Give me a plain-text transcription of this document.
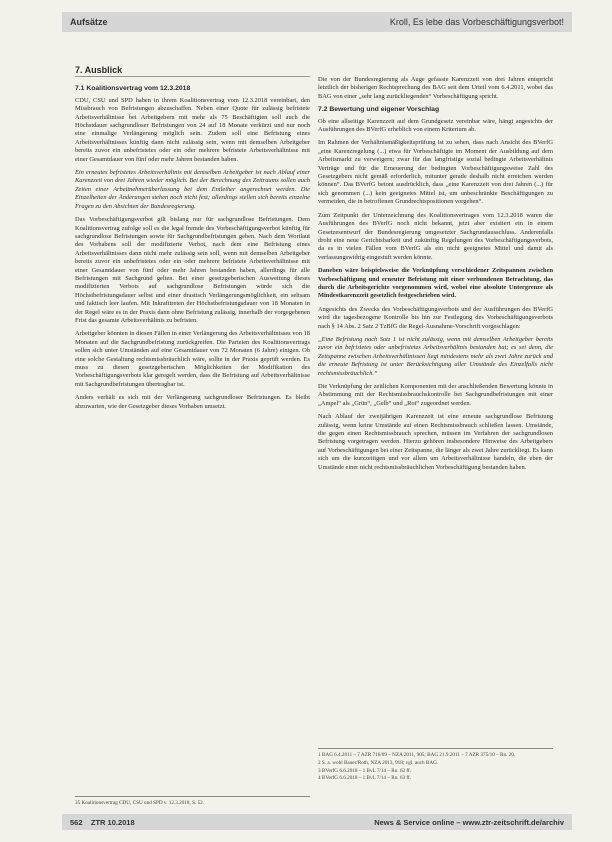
Aufsätze	Kroll, Es lebe das Vorbeschäftigungsverbot!
7. Ausblick
7.1 Koalitionsvertrag vom 12.3.2018

CDU, CSU und SPD haben in ihrem Koalitionsvertrag vom 12.3.2018 vereinbart, den Missbrauch von Befristungen abzuschaffen. Neben einer Quote für zulässig befristete Arbeitsverhältnisse bei Arbeitgebern mit mehr als 75 Beschäftigten soll auch die Höchstdauer sachgrundloser Befristungen von 24 auf 18 Monate verkürzt und nur noch eine einmalige Verlängerung möglich sein. Zudem soll eine Befristung eines Arbeitsverhältnisses künftig dann nicht zulässig sein, wenn mit demselben Arbeitgeber bereits zuvor ein unbefristetes oder ein oder mehrere befristete Arbeitsverhältnisse mit einer Gesamtdauer von fünf oder mehr Jahren bestanden haben.

Ein erneutes befristetes Arbeitsverhältnis mit demselben Arbeitgeber ist nach Ablauf einer Karenzzeit von drei Jahren wieder möglich. Bei der Berechnung des Zeitraums sollen auch Zeiten einer Arbeitnehmerüberlassung bei dem Entleiher angerechnet werden. Die Einzelheiten der Änderungen stehen noch nicht fest; allerdings stellen sich bereits einzelne Fragen zu den Absichten der Bundesregierung.

Das Vorbeschäftigungsverbot gilt bislang nur für sachgrundlose Befristungen. Dem Koalitionsvertrag zufolge soll es die legal fremde des Vorbeschäftigungsverbot künftig für sachgrundlose Befristungen sowie für Sachgrundbefristungen geben. Nach dem Wortlaut des Vorhabens soll der modifizierte Verbot, nach dem eine Befristung eines Arbeitsverhältnisses dann nicht mehr zulässig sein soll, wenn mit demselben Arbeitgeber bereits zuvor ein unbefristetes oder ein oder mehrere befristete Arbeitsverhältnisse mit einer Gesamtdauer von fünf oder mehr Jahren bestanden haben, allerdings für alle Befristungen mit Sachgrund gelten. Bei einer gesetzgeberischen Ausweitung dieses modifizierten Verbots auf sachgrundlose Befristungen würde sich die Höchstbefristungsdauer selbst und einer drastisch Verlängerungsmöglichkeit, ein seltsam und faktisch leer laufen. Mit Inkrafttreten der Höchstbefristungsdauer von 18 Monaten in der Regel wäre es in der Praxis dann ohne Befristung zulässig, innerhalb der vorgegebenen Frist das gesamte Arbeitsverhältnis zu befristen.

Arbeitgeber könnten in diesen Fällen in einer Verlängerung des Arbeitsverhältnisses von 18 Monaten auf die Sachgrundbefristung zurückgreifen. Die Parteien des Koalitionsvertrags sollen sich unter Umständen auf eine Gesamtdauer von 72 Monaten (6 Jahre) einigen. Ob eine solche Gestaltung rechtsmissbräuchlich wäre, sollte in der Praxis geprüft werden. Es muss zu diesen gesetzgeberischen Möglichkeiten der Modifikation des Vorbeschäftigungsverbots klar geregelt werden, dass die Befristung auf Arbeitsverhältnisse mit Sachgrundbefristungen übertragbar ist.

Anders verhält es sich mit der Verlängerung sachgrundloser Befristungen. Es bleibt abzuwarten, wie der Gesetzgeber dieses Vorhaben umsetzt.

Die von der Bundesregierung als Auge gefasste Karenzzeit von drei Jahren entspricht letztlich der bisherigen Rechtsprechung des BAG seit dem Urteil vom 6.4.2011, wobei das BAG von einer „sehr lang zurückliegenden“ Vorbeschäftigung spricht.

7.2 Bewertung und eigener Vorschlag

Ob eine allseitige Karenzzeit auf dem Grundgesetz vereinbar wäre, hängt angesichts der Ausführungen des BVerfG erheblich von einem Kriterium ab.

Im Rahmen der Verhältnismäßigkeitsprüfung ist zu sehen, dass nach Ansicht des BVerfG „eine Karenzregelung (...) etwa für Vorbeschäftigte im Moment der Ausbildung auf dem Arbeitsmarkt zu verweigern; zwar für das langfristige sozial bedingte Arbeitsverhältnis Verträge und für die Erneuerung der bedingten Vorbeschäftigungsweise Zahl des Gesetzgebers nicht gemäß erforderlich, mitunter gerade deshalb nicht erreichen werden können“. Das BVerfG betont ausdrücklich, dass „eine Karenzzeit von drei Jahren (...) für sich genommen (...) kein geeignetes Mittel ist, um unbeschränkte Beschäftigungen zu vermeiden, die in betroffenen Grundrechtspositionen vorgehen“.

Zum Zeitpunkt der Unterzeichnung des Koalitionsvertrages vom 12.3.2018 waren die Ausführungen des BVerfG noch nicht bekannt, jetzt aber existiert ein in einem Gesetzesentwurf der Bundesregierung umgesetzter Sachgrundausschluss. Anderenfalls droht eine neue Gerichtsbarkeit und zukünftig Regelungen des Vorbeschäftigungsverbots, da es in vielen Fällen vom BVerfG als ein nicht geeignetes Mittel und damit als verfassungswidrig eingestuft werden könnte.

Daneben wäre beispielsweise die Verknüpfung verschiedener Zeitspannen zwischen Vorbeschäftigung und erneuter Befristung mit einer verbundenen Betrachtung, das durch die Arbeitsgerichte vorgenommen wird, wobei eine absolute Untergrenze als Mindestkarenzzeit gesetzlich festgeschrieben wird.

Angesichts des Zwecks des Vorbeschäftigungsverbots und der Ausführungen des BVerfG wird die tagesbezogene Kontrolle bis hin zur Festlegung des Vorbeschäftigungsverbots nach § 14 Abs. 2 Satz 2 TzBfG die Regel-Ausnahme-Vorschrift vorgeschlagen:

„Eine Befristung nach Satz 1 ist nicht zulässig, wenn mit demselben Arbeitgeber bereits zuvor ein befristetes oder unbefristetes Arbeitsverhältnis bestanden hat; es sei denn, die Zeitspanne zwischen Arbeitsverhältnissen liegt mindestens mehr als zwei Jahre zurück und die erneute Befristung ist unter Berücksichtigung aller Umstände des Einzelfalls nicht rechtsmissbräuchlich.“

Die Verknüpfung der zeitlichen Komponenten mit der anschließenden Bewertung könnte in Abstimmung mit der Rechtsmissbrauchskontrolle bei Sachgrundbefristungen mit einer „Ampel“ als „Grün“, „Gelb“ und „Rot“ zugeordnet werden.

Nach Ablauf der zweijährigen Karenzzeit ist eine erneute sachgrundlose Befristung zulässig, wenn keine Umstände auf einen Rechtsmissbrauch schließen lassen. Umstände, die gegen einen Rechtsmissbrauch sprechen, müssen im Verfahren der sachgrundlosen Befristung vorgetragen werden. Hierzu gehören insbesondere Hinweise des Arbeitgebers auf Vorbeschäftigungen bei einer Zeitspanne, die länger als zwei Jahre zurückliegt. Es kann sich um die kurzzeitigen und vor allem um Arbeitsverhältnisse handeln, die eben der Umstände einer nicht rechtsmissbräuchlichen Vorbeschäftigung bestanden haben.

1 BAG 6.4.2011 – 7 AZR 716/09 – NZA 2011, 905; BAG 21.9.2011 – 7 AZR 375/10 – Rn. 20.
2 S. a. wohl Bauer/Roth, NZA 2013, 918; vgl. auch BAG.
3 BVerfG 6.6.2018 – 1 BvL 7/14 – Rn. 62 ff.
4 BVerfG 6.6.2018 – 1 BvL 7/14 – Rn. 63 ff.
35 Koalitionsvertrag CDU, CSU und SPD v. 12.3.2018, S. 52.
562 ZTR 10.2018	News & Service online – www.ztr-zeitschrift.de/archiv
